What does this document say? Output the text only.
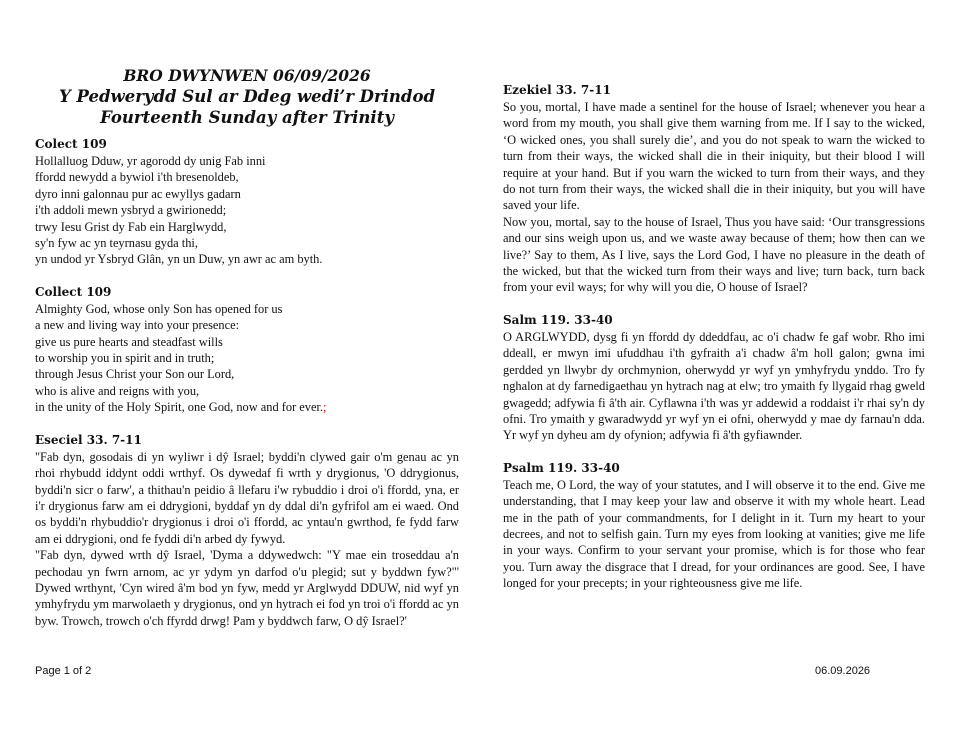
BRO DWYNWEN 06/09/2026

Y Pedwerydd Sul ar Ddeg wedi’r Drindod

Fourteenth Sunday after Trinity

Colect 109

Hollalluog Dduw, yr agorodd dy unig Fab inni

ffordd newydd a bywiol i'th bresenoldeb,

dyro inni galonnau pur ac ewyllys gadarn

i'th addoli mewn ysbryd a gwirionedd;

trwy Iesu Grist dy Fab ein Harglwydd,

sy'n fyw ac yn teyrnasu gyda thi,

yn undod yr Ysbryd Glân, yn un Duw, yn awr ac am byth.

Collect 109

Almighty God, whose only Son has opened for us

a new and living way into your presence:

give us pure hearts and steadfast wills

to worship you in spirit and in truth;

through Jesus Christ your Son our Lord,

who is alive and reigns with you,

in the unity of the Holy Spirit, one God, now and for ever.;

Eseciel 33. 7-11

"Fab dyn, gosodais di yn wyliwr i dŷ Israel; byddi'n clywed gair o'm genau ac yn rhoi rhybudd iddynt oddi wrthyf. Os dywedaf fi wrth y drygionus, 'O ddrygionus, byddi'n sicr o farw', a thithau'n peidio â llefaru i'w rybuddio i droi o'i ffordd, yna, er i'r drygionus farw am ei ddrygioni, byddaf yn dy ddal di'n gyfrifol am ei waed. Ond os byddi'n rhybuddio'r drygionus i droi o'i ffordd, ac yntau'n gwrthod, fe fydd farw am ei ddrygioni, ond fe fyddi di'n arbed dy fywyd.

"Fab dyn, dywed wrth dŷ Israel, 'Dyma a ddywedwch: "Y mae ein troseddau a'n pechodau yn fwrn arnom, ac yr ydym yn darfod o'u plegid; sut y byddwn fyw?"' Dywed wrthynt, 'Cyn wired â'm bod yn fyw, medd yr Arglwydd DDUW, nid wyf yn ymhyfrydu ym marwolaeth y drygionus, ond yn hytrach ei fod yn troi o'i ffordd ac yn byw. Trowch, trowch o'ch ffyrdd drwg! Pam y byddwch farw, O dŷ Israel?'

Ezekiel 33. 7-11

So you, mortal, I have made a sentinel for the house of Israel; whenever you hear a word from my mouth, you shall give them warning from me. If I say to the wicked, ‘O wicked ones, you shall surely die’, and you do not speak to warn the wicked to turn from their ways, the wicked shall die in their iniquity, but their blood I will require at your hand. But if you warn the wicked to turn from their ways, and they do not turn from their ways, the wicked shall die in their iniquity, but you will have saved your life.

Now you, mortal, say to the house of Israel, Thus you have said: ‘Our transgressions and our sins weigh upon us, and we waste away because of them; how then can we live?’ Say to them, As I live, says the Lord God, I have no pleasure in the death of the wicked, but that the wicked turn from their ways and live; turn back, turn back from your evil ways; for why will you die, O house of Israel?

Salm 119. 33-40

O ARGLWYDD, dysg fi yn ffordd dy ddeddfau, ac o'i chadw fe gaf wobr. Rho imi ddeall, er mwyn imi ufuddhau i'th gyfraith a'i chadw â'm holl galon; gwna imi gerdded yn llwybr dy orchmynion, oherwydd yr wyf yn ymhyfrydu ynddo. Tro fy nghalon at dy farnedigaethau yn hytrach nag at elw; tro ymaith fy llygaid rhag gweld gwagedd; adfywia fi â'th air. Cyflawna i'th was yr addewid a roddaist i'r rhai sy'n dy ofni. Tro ymaith y gwaradwydd yr wyf yn ei ofni, oherwydd y mae dy farnau'n dda. Yr wyf yn dyheu am dy ofynion; adfywia fi â'th gyfiawnder.

Psalm 119. 33-40

Teach me, O Lord, the way of your statutes, and I will observe it to the end. Give me understanding, that I may keep your law and observe it with my whole heart. Lead me in the path of your commandments, for I delight in it. Turn my heart to your decrees, and not to selfish gain. Turn my eyes from looking at vanities; give me life in your ways. Confirm to your servant your promise, which is for those who fear you. Turn away the disgrace that I dread, for your ordinances are good. See, I have longed for your precepts; in your righteousness give me life.

Page 1 of 2	06.09.2026
